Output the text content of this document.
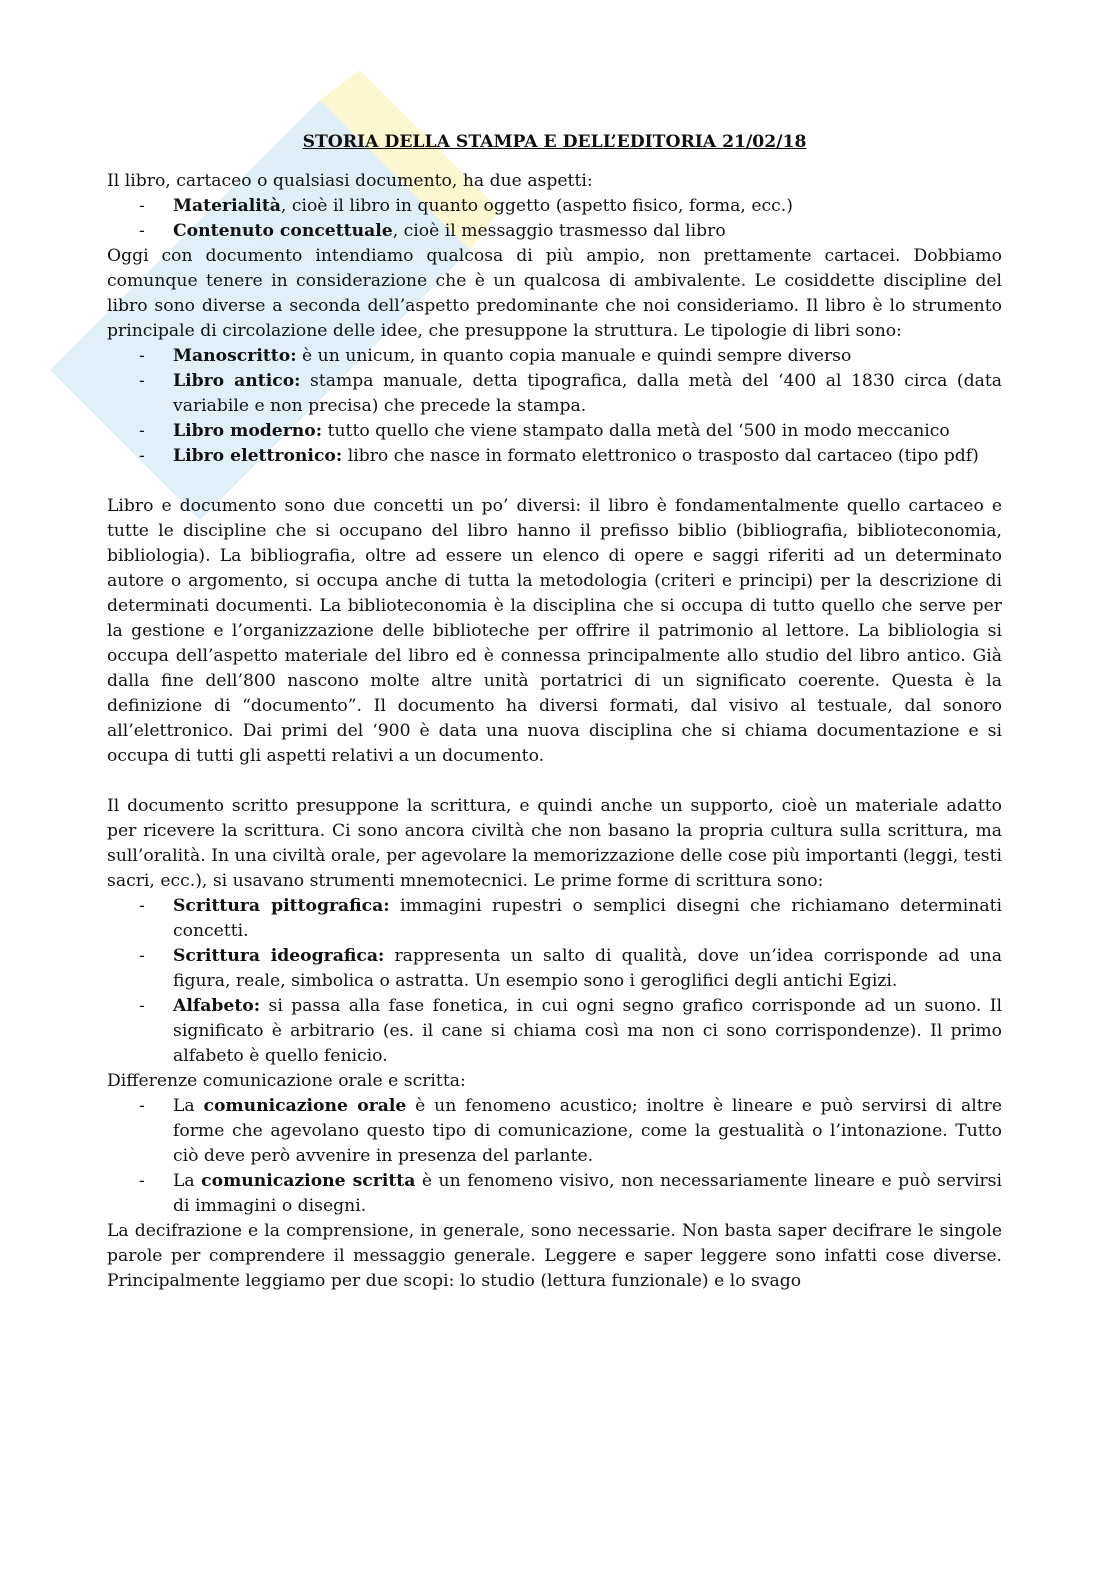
STORIA DELLA STAMPA E DELL’EDITORIA 21/02/18

Il libro, cartaceo o qualsiasi documento, ha due aspetti:

- Materialità, cioè il libro in quanto oggetto (aspetto fisico, forma, ecc.)
- Contenuto concettuale, cioè il messaggio trasmesso dal libro

Oggi con documento intendiamo qualcosa di più ampio, non prettamente cartacei. Dobbiamo comunque tenere in considerazione che è un qualcosa di ambivalente. Le cosiddette discipline del libro sono diverse a seconda dell’aspetto predominante che noi consideriamo. Il libro è lo strumento principale di circolazione delle idee, che presuppone la struttura. Le tipologie di libri sono:

- Manoscritto: è un unicum, in quanto copia manuale e quindi sempre diverso
- Libro antico: stampa manuale, detta tipografica, dalla metà del ‘400 al 1830 circa (data variabile e non precisa) che precede la stampa.
- Libro moderno: tutto quello che viene stampato dalla metà del ‘500 in modo meccanico
- Libro elettronico: libro che nasce in formato elettronico o trasposto dal cartaceo (tipo pdf)

Libro e documento sono due concetti un po’ diversi: il libro è fondamentalmente quello cartaceo e tutte le discipline che si occupano del libro hanno il prefisso biblio (bibliografia, biblioteconomia, bibliologia). La bibliografia, oltre ad essere un elenco di opere e saggi riferiti ad un determinato autore o argomento, si occupa anche di tutta la metodologia (criteri e principi) per la descrizione di determinati documenti. La biblioteconomia è la disciplina che si occupa di tutto quello che serve per la gestione e l’organizzazione delle biblioteche per offrire il patrimonio al lettore. La bibliologia si occupa dell’aspetto materiale del libro ed è connessa principalmente allo studio del libro antico. Già dalla fine dell’800 nascono molte altre unità portatrici di un significato coerente. Questa è la definizione di “documento”. Il documento ha diversi formati, dal visivo al testuale, dal sonoro all’elettronico. Dai primi del ‘900 è data una nuova disciplina che si chiama documentazione e si occupa di tutti gli aspetti relativi a un documento.

Il documento scritto presuppone la scrittura, e quindi anche un supporto, cioè un materiale adatto per ricevere la scrittura. Ci sono ancora civiltà che non basano la propria cultura sulla scrittura, ma sull’oralità. In una civiltà orale, per agevolare la memorizzazione delle cose più importanti (leggi, testi sacri, ecc.), si usavano strumenti mnemotecnici. Le prime forme di scrittura sono:

- Scrittura pittografica: immagini rupestri o semplici disegni che richiamano determinati concetti.
- Scrittura ideografica: rappresenta un salto di qualità, dove un’idea corrisponde ad una figura, reale, simbolica o astratta. Un esempio sono i geroglifici degli antichi Egizi.
- Alfabeto: si passa alla fase fonetica, in cui ogni segno grafico corrisponde ad un suono. Il significato è arbitrario (es. il cane si chiama così ma non ci sono corrispondenze). Il primo alfabeto è quello fenicio.

Differenze comunicazione orale e scritta:

- La comunicazione orale è un fenomeno acustico; inoltre è lineare e può servirsi di altre forme che agevolano questo tipo di comunicazione, come la gestualità o l’intonazione. Tutto ciò deve però avvenire in presenza del parlante.
- La comunicazione scritta è un fenomeno visivo, non necessariamente lineare e può servirsi di immagini o disegni.

La decifrazione e la comprensione, in generale, sono necessarie. Non basta saper decifrare le singole parole per comprendere il messaggio generale. Leggere e saper leggere sono infatti cose diverse. Principalmente leggiamo per due scopi: lo studio (lettura funzionale) e lo svago
